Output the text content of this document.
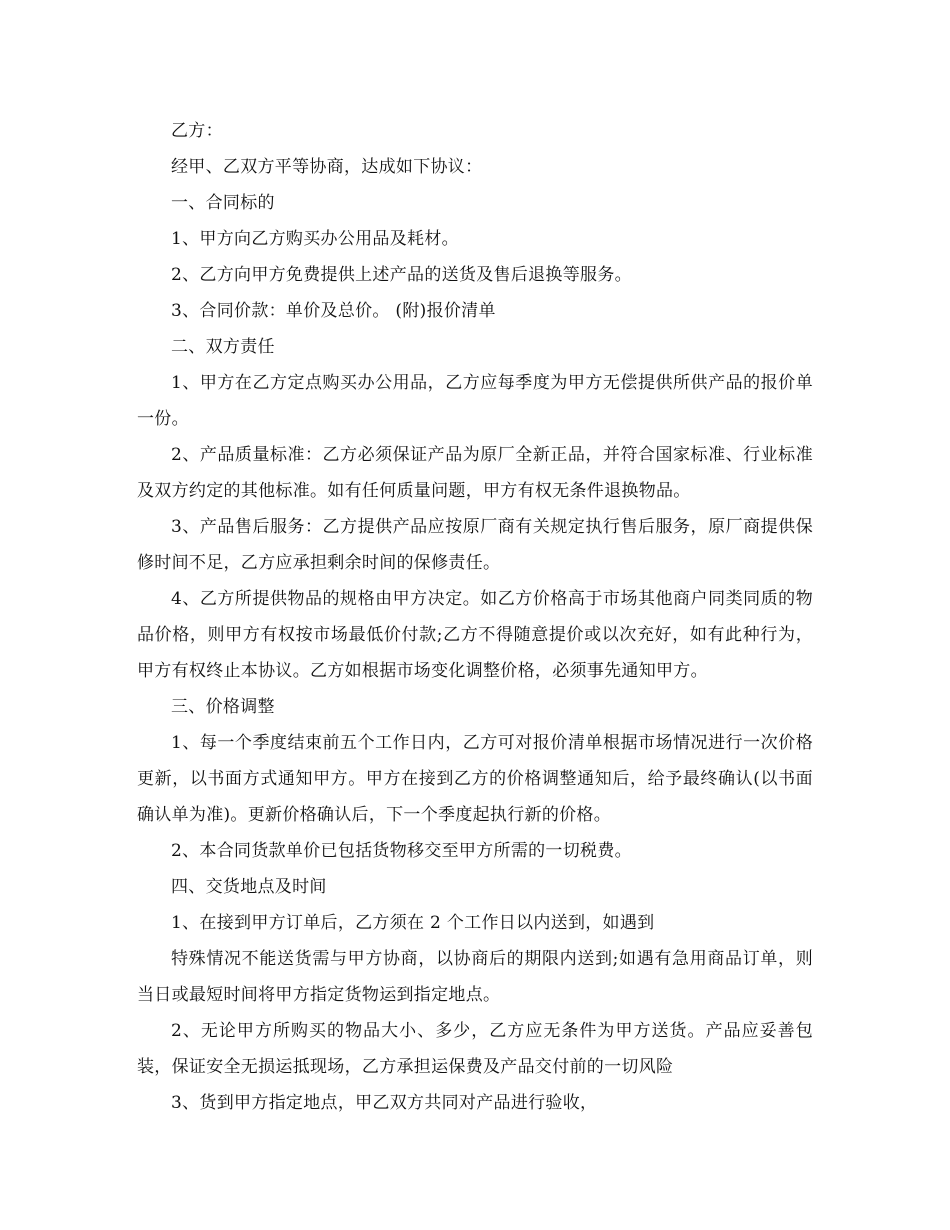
乙方：

经甲、乙双方平等协商，达成如下协议：

一、合同标的

1、甲方向乙方购买办公用品及耗材。

2、乙方向甲方免费提供上述产品的送货及售后退换等服务。

3、合同价款：单价及总价。 (附)报价清单

二、双方责任

1、甲方在乙方定点购买办公用品，乙方应每季度为甲方无偿提供所供产品的报价单一份。

2、产品质量标准：乙方必须保证产品为原厂全新正品，并符合国家标准、行业标准及双方约定的其他标准。如有任何质量问题，甲方有权无条件退换物品。

3、产品售后服务：乙方提供产品应按原厂商有关规定执行售后服务，原厂商提供保修时间不足，乙方应承担剩余时间的保修责任。

4、乙方所提供物品的规格由甲方决定。如乙方价格高于市场其他商户同类同质的物品价格，则甲方有权按市场最低价付款;乙方不得随意提价或以次充好，如有此种行为，甲方有权终止本协议。乙方如根据市场变化调整价格，必须事先通知甲方。

三、价格调整

1、每一个季度结束前五个工作日内，乙方可对报价清单根据市场情况进行一次价格更新，以书面方式通知甲方。甲方在接到乙方的价格调整通知后，给予最终确认(以书面确认单为准)。更新价格确认后，下一个季度起执行新的价格。

2、本合同货款单价已包括货物移交至甲方所需的一切税费。

四、交货地点及时间

1、在接到甲方订单后，乙方须在 2 个工作日以内送到，如遇到

特殊情况不能送货需与甲方协商，以协商后的期限内送到;如遇有急用商品订单，则当日或最短时间将甲方指定货物运到指定地点。

2、无论甲方所购买的物品大小、多少，乙方应无条件为甲方送货。产品应妥善包装，保证安全无损运抵现场，乙方承担运保费及产品交付前的一切风险

3、货到甲方指定地点，甲乙双方共同对产品进行验收，
